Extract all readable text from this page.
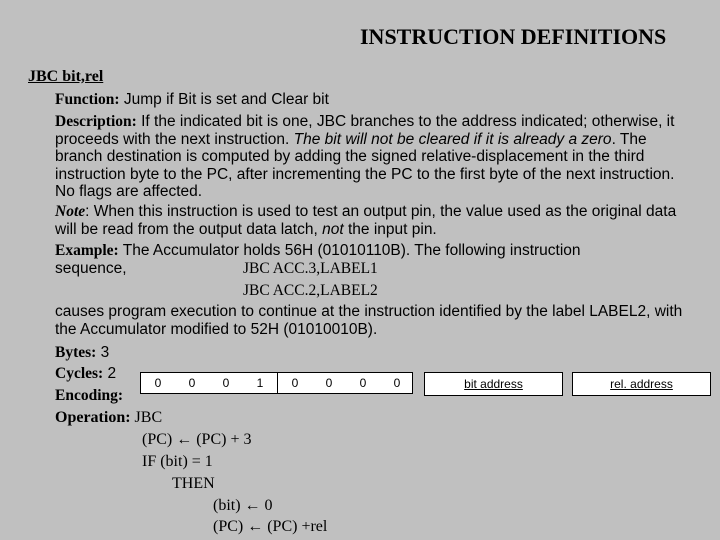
INSTRUCTION DEFINITIONS
JBC bit,rel
Function: Jump if Bit is set and Clear bit
Description: If the indicated bit is one, JBC branches to the address indicated; otherwise, it proceeds with the next instruction. The bit will not be cleared if it is already a zero. The branch destination is computed by adding the signed relative-displacement in the third instruction byte to the PC, after incrementing the PC to the first byte of the next instruction. No flags are affected.
Note: When this instruction is used to test an output pin, the value used as the original data will be read from the output data latch, not the input pin.
Example: The Accumulator holds 56H (01010110B). The following instruction
sequence,	JBC ACC.3,LABEL1
JBC ACC.2,LABEL2
causes program execution to continue at the instruction identified by the label LABEL2, with the Accumulator modified to 52H (01010010B).
Bytes: 3
Cycles: 2
Encoding:
0	0	0	1	0	0	0	0	bit address	rel. address
Operation: JBC
(PC) ← (PC) + 3
IF (bit) = 1
THEN
(bit) ← 0
(PC) ← (PC) +rel
